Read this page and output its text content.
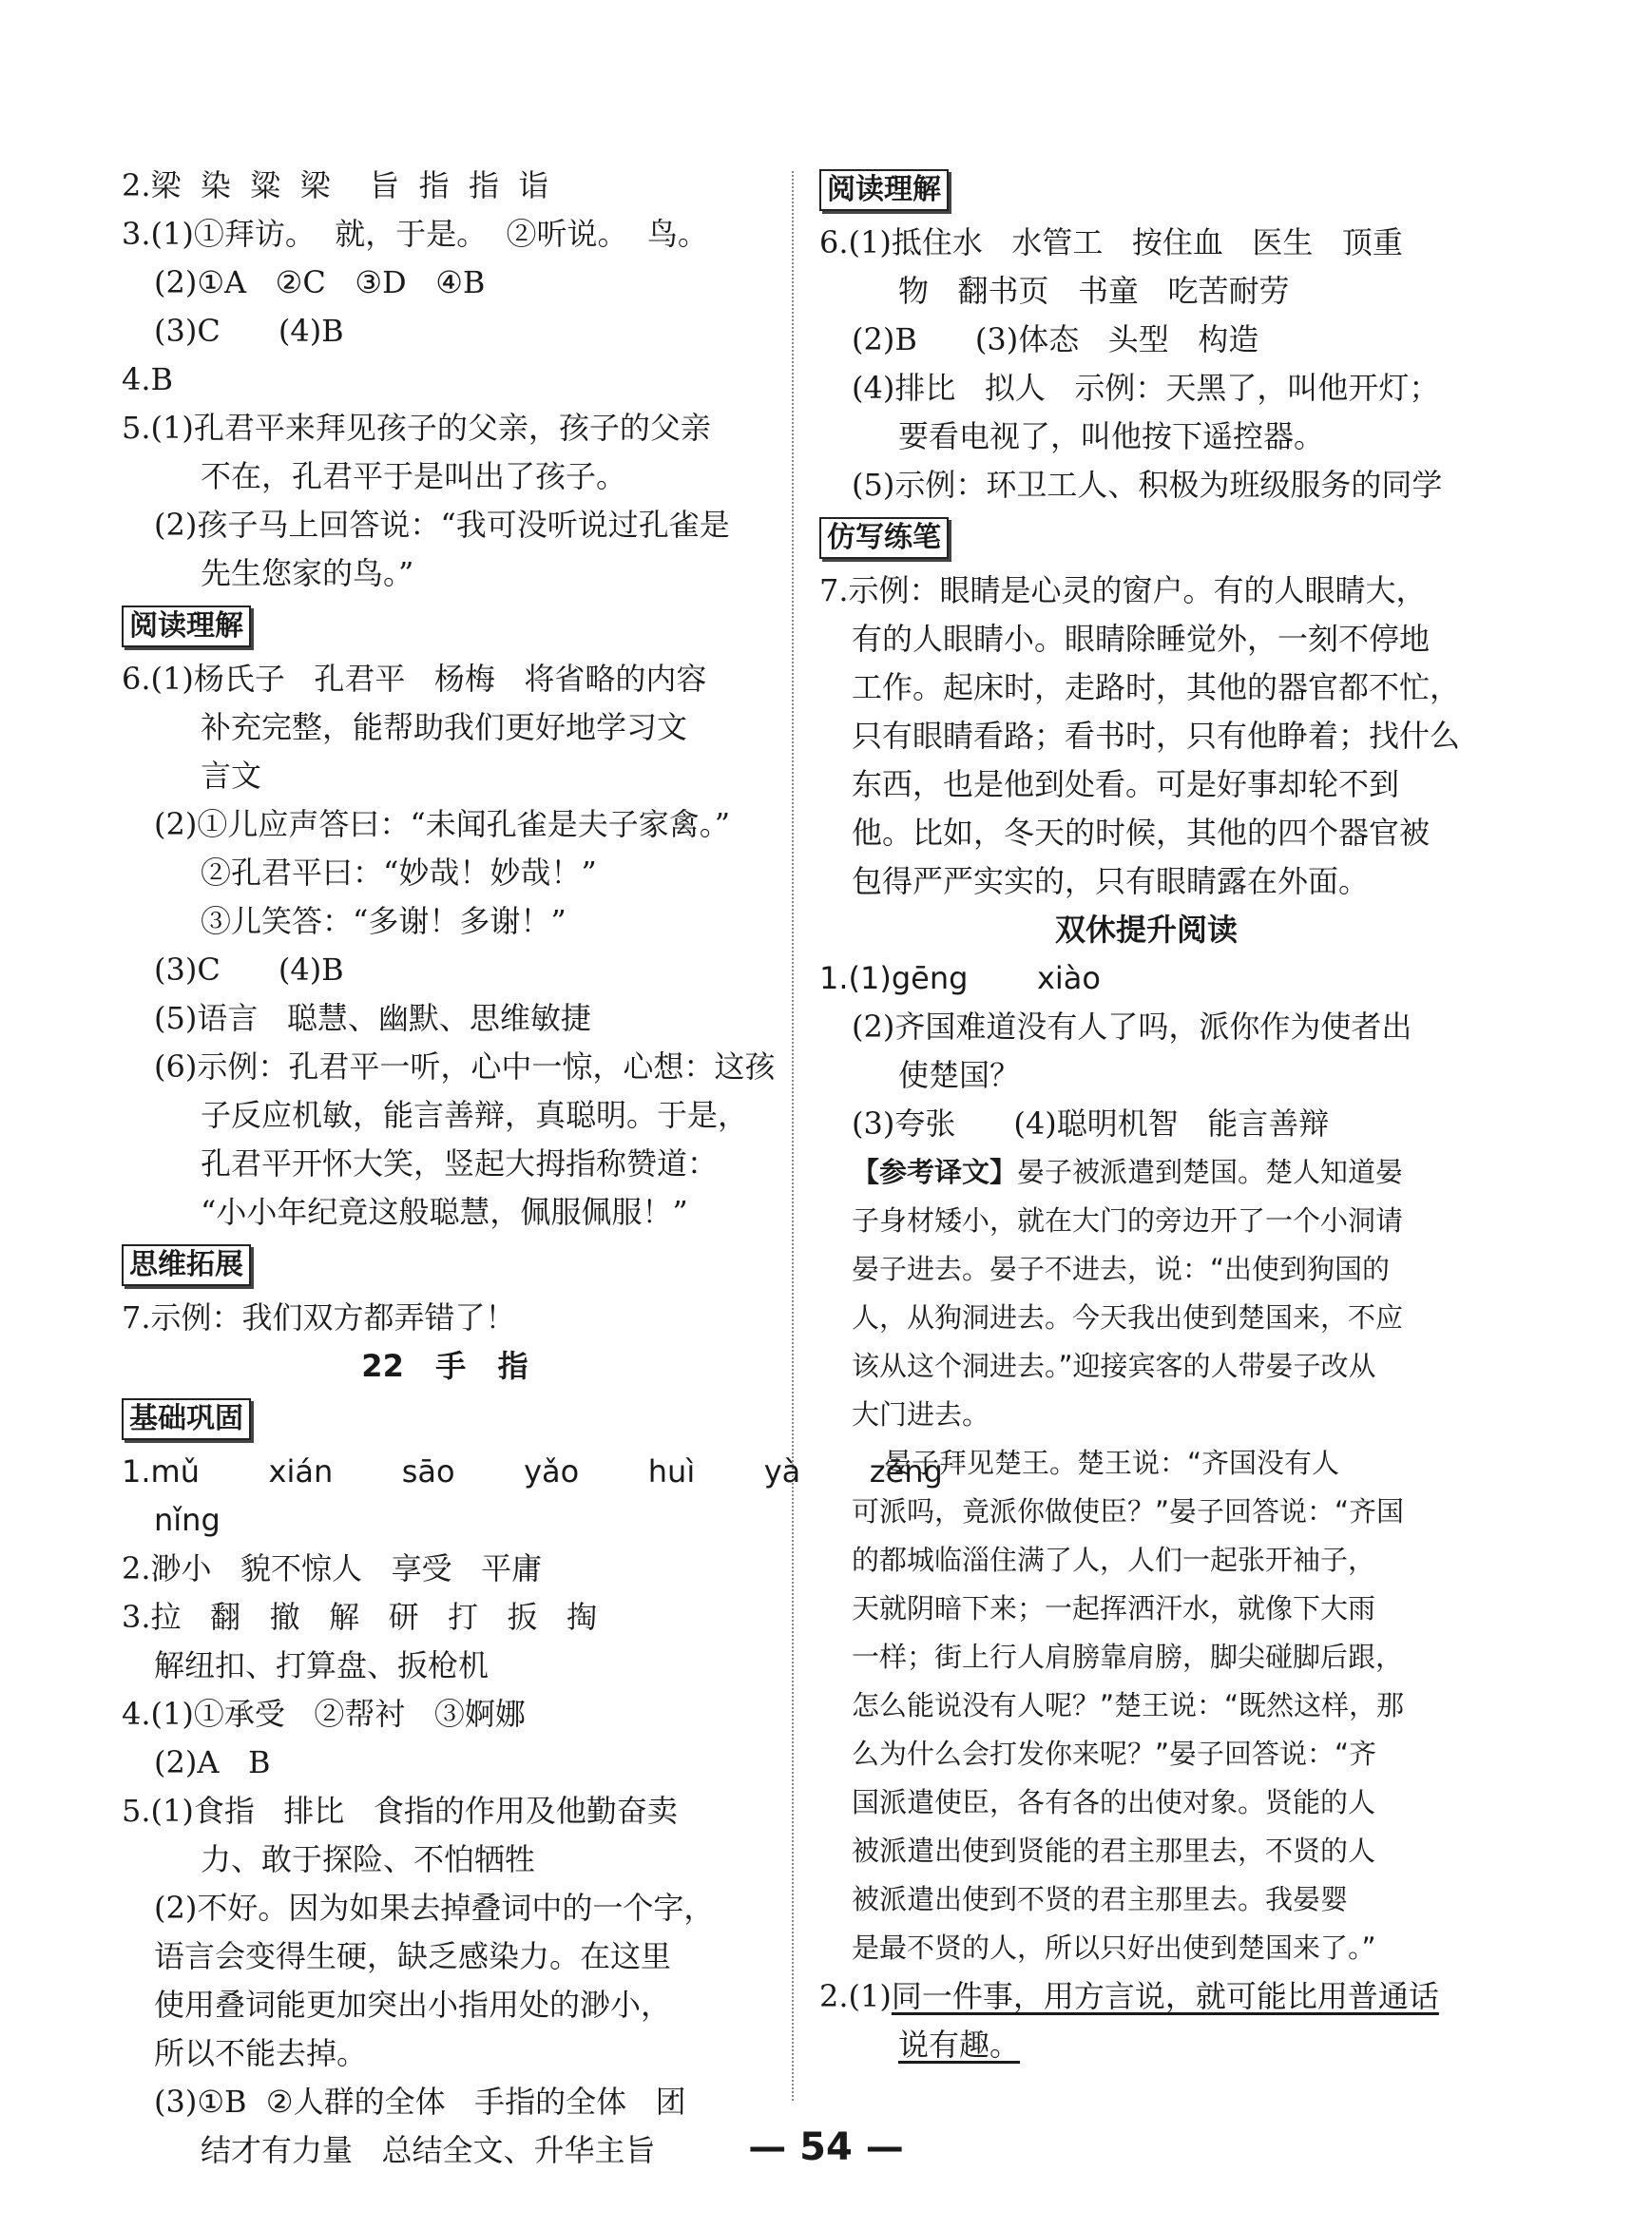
2.梁  染  粱  梁    旨  指  指  诣
3.(1)①拜访。  就，于是。  ②听说。  鸟。
(2)①A   ②C   ③D   ④B
(3)C      (4)B
4.B
5.(1)孔君平来拜见孩子的父亲，孩子的父亲
不在，孔君平于是叫出了孩子。
(2)孩子马上回答说：“我可没听说过孔雀是
先生您家的鸟。”
阅读理解
6.(1)杨氏子   孔君平   杨梅   将省略的内容
补充完整，能帮助我们更好地学习文
言文
(2)①儿应声答曰：“未闻孔雀是夫子家禽。”
②孔君平曰：“妙哉！妙哉！”
③儿笑答：“多谢！多谢！”
(3)C      (4)B
(5)语言   聪慧、幽默、思维敏捷
(6)示例：孔君平一听，心中一惊，心想：这孩
子反应机敏，能言善辩，真聪明。于是，
孔君平开怀大笑，竖起大拇指称赞道：
“小小年纪竟这般聪慧，佩服佩服！”
思维拓展
7.示例：我们双方都弄错了！
22   手   指
基础巩固
1.mǔ   xián   sāo   yǎo   huì   yà   zēng
nǐng
2.渺小   貌不惊人   享受   平庸
3.拉   翻   撤   解   研   打   扳   掏
解纽扣、打算盘、扳枪机
4.(1)①承受   ②帮衬   ③婀娜
(2)A   B
5.(1)食指   排比   食指的作用及他勤奋卖
力、敢于探险、不怕牺牲
(2)不好。因为如果去掉叠词中的一个字，
语言会变得生硬，缺乏感染力。在这里
使用叠词能更加突出小指用处的渺小，
所以不能去掉。
(3)①B  ②人群的全体   手指的全体   团
结才有力量   总结全文、升华主旨
阅读理解
6.(1)抵住水   水管工   按住血   医生   顶重
物   翻书页   书童   吃苦耐劳
(2)B      (3)体态   头型   构造
(4)排比   拟人   示例：天黑了，叫他开灯；
要看电视了，叫他按下遥控器。
(5)示例：环卫工人、积极为班级服务的同学
仿写练笔
7.示例：眼睛是心灵的窗户。有的人眼睛大，
有的人眼睛小。眼睛除睡觉外，一刻不停地
工作。起床时，走路时，其他的器官都不忙，
只有眼睛看路；看书时，只有他睁着；找什么
东西，也是他到处看。可是好事却轮不到
他。比如，冬天的时候，其他的四个器官被
包得严严实实的，只有眼睛露在外面。
双休提升阅读
1.(1)gēng   xiào
(2)齐国难道没有人了吗，派你作为使者出
使楚国？
(3)夸张      (4)聪明机智   能言善辩
【参考译文】晏子被派遣到楚国。楚人知道晏
子身材矮小，就在大门的旁边开了一个小洞请
晏子进去。晏子不进去，说：“出使到狗国的
人，从狗洞进去。今天我出使到楚国来，不应
该从这个洞进去。”迎接宾客的人带晏子改从
大门进去。
晏子拜见楚王。楚王说：“齐国没有人
可派吗，竟派你做使臣？”晏子回答说：“齐国
的都城临淄住满了人，人们一起张开袖子，
天就阴暗下来；一起挥洒汗水，就像下大雨
一样；街上行人肩膀靠肩膀，脚尖碰脚后跟，
怎么能说没有人呢？”楚王说：“既然这样，那
么为什么会打发你来呢？”晏子回答说：“齐
国派遣使臣，各有各的出使对象。贤能的人
被派遣出使到贤能的君主那里去，不贤的人
被派遣出使到不贤的君主那里去。我晏婴
是最不贤的人，所以只好出使到楚国来了。”
2.(1)同一件事，用方言说，就可能比用普通话
说有趣。
— 54 —
